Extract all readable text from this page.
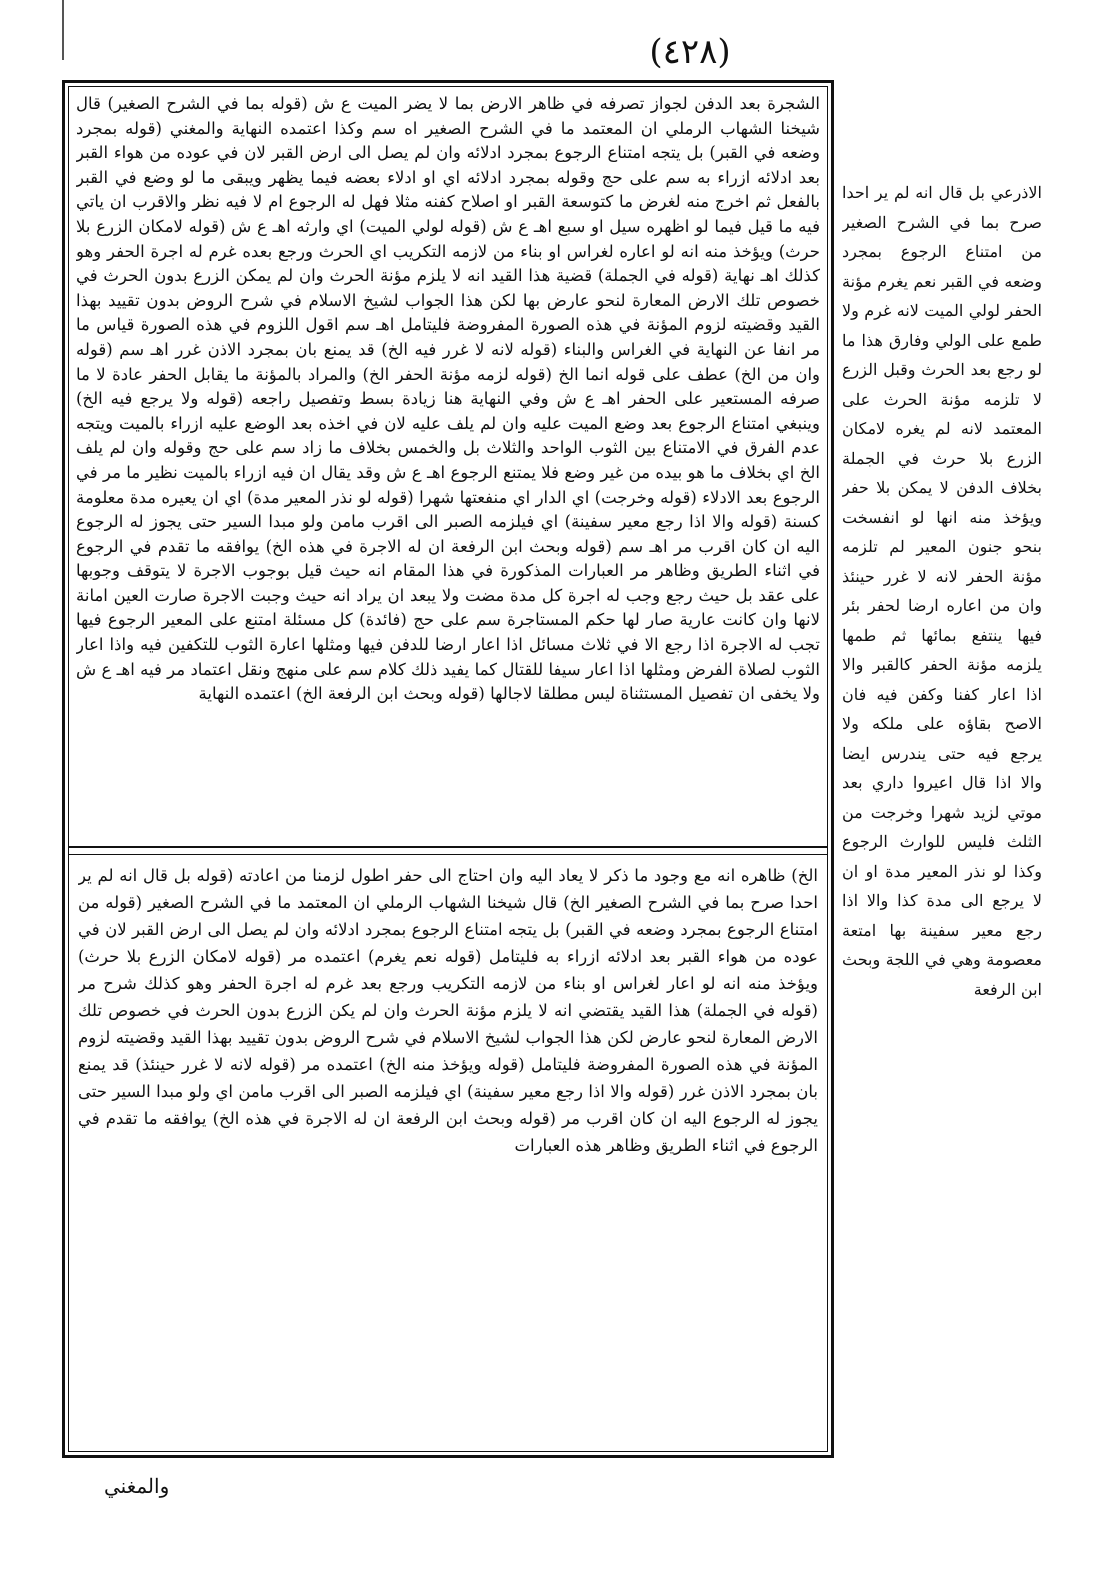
(٤٢٨)
الشجرة بعد الدفن لجواز تصرفه في ظاهر الارض بما لا يضر الميت ع ش (قوله بما في الشرح الصغير) قال شيخنا الشهاب الرملي ان المعتمد ما في الشرح الصغير اه سم وكذا اعتمده النهاية والمغني (قوله بمجرد وضعه في القبر) بل يتجه امتناع الرجوع بمجرد ادلائه وان لم يصل الى ارض القبر لان في عوده من هواء القبر بعد ادلائه ازراء به سم على حج وقوله بمجرد ادلائه اي او ادلاء بعضه فيما يظهر ويبقى ما لو وضع في القبر بالفعل ثم اخرج منه لغرض ما كتوسعة القبر او اصلاح كفنه مثلا فهل له الرجوع ام لا فيه نظر والاقرب ان ياتي فيه ما قيل فيما لو اظهره سيل او سبع اهـ ع ش (قوله لولي الميت) اي وارثه اهـ ع ش (قوله لامكان الزرع بلا حرث) ويؤخذ منه انه لو اعاره لغراس او بناء من لازمه التكريب اي الحرث ورجع بعده غرم له اجرة الحفر وهو كذلك اهـ نهاية (قوله في الجملة) قضية هذا القيد انه لا يلزم مؤنة الحرث وان لم يمكن الزرع بدون الحرث في خصوص تلك الارض المعارة لنحو عارض بها لكن هذا الجواب لشيخ الاسلام في شرح الروض بدون تقييد بهذا القيد وقضيته لزوم المؤنة في هذه الصورة المفروضة فليتامل اهـ سم اقول اللزوم في هذه الصورة قياس ما مر انفا عن النهاية في الغراس والبناء (قوله لانه لا غرر فيه الخ) قد يمنع بان بمجرد الاذن غرر اهـ سم (قوله وان من الخ) عطف على قوله انما الخ (قوله لزمه مؤنة الحفر الخ) والمراد بالمؤنة ما يقابل الحفر عادة لا ما صرفه المستعير على الحفر اهـ ع ش وفي النهاية هنا زيادة بسط وتفصيل راجعه (قوله ولا يرجع فيه الخ) وينبغي امتناع الرجوع بعد وضع الميت عليه وان لم يلف عليه لان في اخذه بعد الوضع عليه ازراء بالميت ويتجه عدم الفرق في الامتناع بين الثوب الواحد والثلاث بل والخمس بخلاف ما زاد سم على حج وقوله وان لم يلف الخ اي بخلاف ما هو بيده من غير وضع فلا يمتنع الرجوع اهـ ع ش وقد يقال ان فيه ازراء بالميت نظير ما مر في الرجوع بعد الادلاء (قوله وخرجت) اي الدار اي منفعتها شهرا (قوله لو نذر المعير مدة) اي ان يعيره مدة معلومة كسنة (قوله والا اذا رجع معير سفينة) اي فيلزمه الصبر الى اقرب مامن ولو مبدا السير حتى يجوز له الرجوع اليه ان كان اقرب مر اهـ سم (قوله وبحث ابن الرفعة ان له الاجرة في هذه الخ) يوافقه ما تقدم في الرجوع في اثناء الطريق وظاهر مر العبارات المذكورة في هذا المقام انه حيث قيل بوجوب الاجرة لا يتوقف وجوبها على عقد بل حيث رجع وجب له اجرة كل مدة مضت ولا يبعد ان يراد انه حيث وجبت الاجرة صارت العين امانة لانها وان كانت عارية صار لها حكم المستاجرة سم على حج (فائدة) كل مسئلة امتنع على المعير الرجوع فيها تجب له الاجرة اذا رجع الا في ثلاث مسائل اذا اعار ارضا للدفن فيها ومثلها اعارة الثوب للتكفين فيه واذا اعار الثوب لصلاة الفرض ومثلها اذا اعار سيفا للقتال كما يفيد ذلك كلام سم على منهج ونقل اعتماد مر فيه اهـ ع ش ولا يخفى ان تفصيل المستثناة ليس مطلقا لاجالها (قوله وبحث ابن الرفعة الخ) اعتمده النهاية
الخ) ظاهره انه مع وجود ما ذكر لا يعاد اليه وان احتاج الى حفر اطول لزمنا من اعادته (قوله بل قال انه لم ير احدا صرح بما في الشرح الصغير الخ) قال شيخنا الشهاب الرملي ان المعتمد ما في الشرح الصغير (قوله من امتناع الرجوع بمجرد وضعه في القبر) بل يتجه امتناع الرجوع بمجرد ادلائه وان لم يصل الى ارض القبر لان في عوده من هواء القبر بعد ادلائه ازراء به فليتامل (قوله نعم يغرم) اعتمده مر (قوله لامكان الزرع بلا حرث) ويؤخذ منه انه لو اعار لغراس او بناء من لازمه التكريب ورجع بعد غرم له اجرة الحفر وهو كذلك شرح مر (قوله في الجملة) هذا القيد يقتضي انه لا يلزم مؤنة الحرث وان لم يكن الزرع بدون الحرث في خصوص تلك الارض المعارة لنحو عارض لكن هذا الجواب لشيخ الاسلام في شرح الروض بدون تقييد بهذا القيد وقضيته لزوم المؤنة في هذه الصورة المفروضة فليتامل (قوله ويؤخذ منه الخ) اعتمده مر (قوله لانه لا غرر حينئذ) قد يمنع بان بمجرد الاذن غرر (قوله والا اذا رجع معير سفينة) اي فيلزمه الصبر الى اقرب مامن اي ولو مبدا السير حتى يجوز له الرجوع اليه ان كان اقرب مر (قوله وبحث ابن الرفعة ان له الاجرة في هذه الخ) يوافقه ما تقدم في الرجوع في اثناء الطريق وظاهر هذه العبارات
الاذرعي بل قال انه لم ير احدا صرح بما في الشرح الصغير من امتناع الرجوع بمجرد وضعه في القبر نعم يغرم مؤنة الحفر لولي الميت لانه غرم ولا طمع على الولي وفارق هذا ما لو رجع بعد الحرث وقبل الزرع لا تلزمه مؤنة الحرث على المعتمد لانه لم يغره لامكان الزرع بلا حرث في الجملة بخلاف الدفن لا يمكن بلا حفر ويؤخذ منه انها لو انفسخت بنحو جنون المعير لم تلزمه مؤنة الحفر لانه لا غرر حينئذ وان من اعاره ارضا لحفر بئر فيها ينتفع بمائها ثم طمها يلزمه مؤنة الحفر كالقبر والا اذا اعار كفنا وكفن فيه فان الاصح بقاؤه على ملكه ولا يرجع فيه حتى يندرس ايضا والا اذا قال اعيروا داري بعد موتي لزيد شهرا وخرجت من الثلث فليس للوارث الرجوع وكذا لو نذر المعير مدة او ان لا يرجع الى مدة كذا والا اذا رجع معير سفينة بها امتعة معصومة وهي في اللجة وبحث ابن الرفعة
والمغني
